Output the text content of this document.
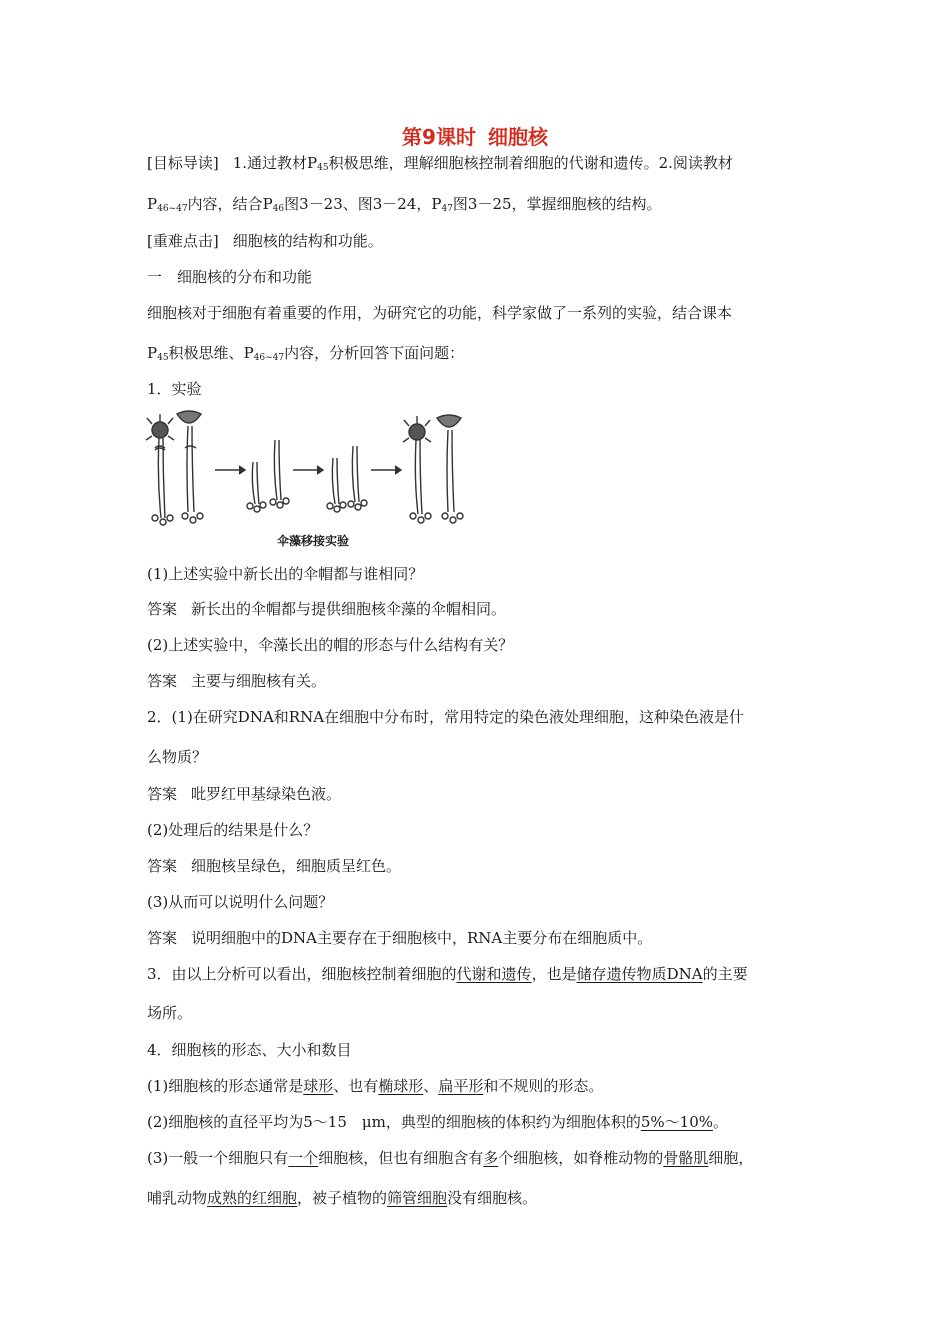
第9课时 细胞核
[目标导读] 1.通过教材$P_{45}$积极思维，理解细胞核控制着细胞的代谢和遗传。2.阅读教材
$P_{46\sim 47}$内容，结合$P_{46}$图3－23、图3－24，$P_{47}$图3－25，掌握细胞核的结构。
[重难点击] 细胞核的结构和功能。
一　细胞核的分布和功能
细胞核对于细胞有着重要的作用，为研究它的功能，科学家做了一系列的实验，结合课本
$P_{45}$积极思维、$P_{46\sim 47}$内容，分析回答下面问题：
1．实验
伞藻移接实验
(1)上述实验中新长出的伞帽都与谁相同？
答案 新长出的伞帽都与提供细胞核伞藻的伞帽相同。
(2)上述实验中，伞藻长出的帽的形态与什么结构有关？
答案 主要与细胞核有关。
2．(1)在研究DNA和RNA在细胞中分布时，常用特定的染色液处理细胞，这种染色液是什
么物质？
答案 吡罗红甲基绿染色液。
(2)处理后的结果是什么？
答案 细胞核呈绿色，细胞质呈红色。
(3)从而可以说明什么问题？
答案 说明细胞中的DNA主要存在于细胞核中，RNA主要分布在细胞质中。
3．由以上分析可以看出，细胞核控制着细胞的代谢和遗传，也是储存遗传物质DNA的主要
场所。
4．细胞核的形态、大小和数目
(1)细胞核的形态通常是球形、也有椭球形、扁平形和不规则的形态。
(2)细胞核的直径平均为5～15　μm，典型的细胞核的体积约为细胞体积的5%～10%。
(3)一般一个细胞只有一个细胞核，但也有细胞含有多个细胞核，如脊椎动物的骨骼肌细胞，
哺乳动物成熟的红细胞，被子植物的筛管细胞没有细胞核。
